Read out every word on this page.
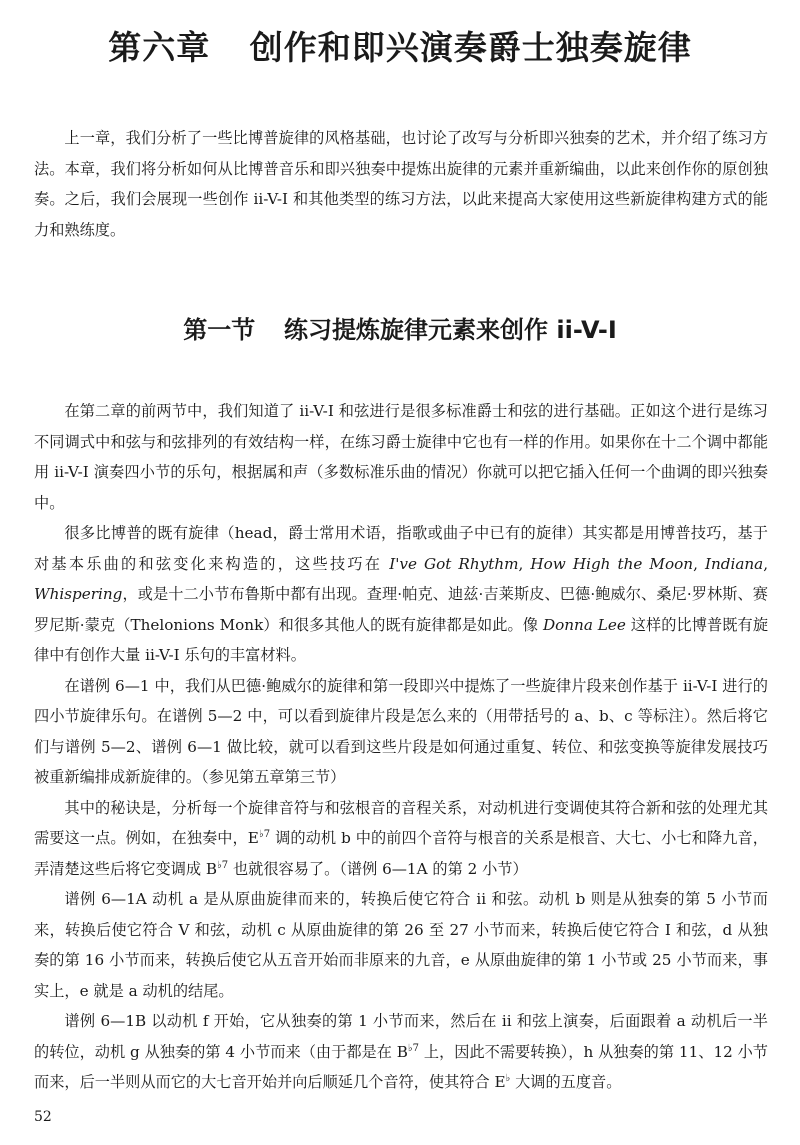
第六章 创作和即兴演奏爵士独奏旋律

上一章，我们分析了一些比博普旋律的风格基础，也讨论了改写与分析即兴独奏的艺术，并介绍了练习方法。本章，我们将分析如何从比博普音乐和即兴独奏中提炼出旋律的元素并重新编曲，以此来创作你的原创独奏。之后，我们会展现一些创作 ii-V-I 和其他类型的练习方法，以此来提高大家使用这些新旋律构建方式的能力和熟练度。

第一节 练习提炼旋律元素来创作 ii-V-I

在第二章的前两节中，我们知道了 ii-V-I 和弦进行是很多标准爵士和弦的进行基础。正如这个进行是练习不同调式中和弦与和弦排列的有效结构一样，在练习爵士旋律中它也有一样的作用。如果你在十二个调中都能用 ii-V-I 演奏四小节的乐句，根据属和声（多数标准乐曲的情况）你就可以把它插入任何一个曲调的即兴独奏中。

很多比博普的既有旋律（head，爵士常用术语，指歌或曲子中已有的旋律）其实都是用博普技巧，基于对基本乐曲的和弦变化来构造的，这些技巧在 I've Got Rhythm, How High the Moon, Indiana, Whispering，或是十二小节布鲁斯中都有出现。查理·帕克、迪兹·吉莱斯皮、巴德·鲍威尔、桑尼·罗林斯、赛罗尼斯·蒙克（Thelonions Monk）和很多其他人的既有旋律都是如此。像 Donna Lee 这样的比博普既有旋律中有创作大量 ii-V-I 乐句的丰富材料。

在谱例 6—1 中，我们从巴德·鲍威尔的旋律和第一段即兴中提炼了一些旋律片段来创作基于 ii-V-I 进行的四小节旋律乐句。在谱例 5—2 中，可以看到旋律片段是怎么来的（用带括号的 a、b、c 等标注）。然后将它们与谱例 5—2、谱例 6—1 做比较，就可以看到这些片段是如何通过重复、转位、和弦变换等旋律发展技巧被重新编排成新旋律的。（参见第五章第三节）

其中的秘诀是，分析每一个旋律音符与和弦根音的音程关系，对动机进行变调使其符合新和弦的处理尤其需要这一点。例如，在独奏中，$E^{♭7}$ 调的动机 b 中的前四个音符与根音的关系是根音、大七、小七和降九音，弄清楚这些后将它变调成 $B^{♭7}$ 也就很容易了。（谱例 6—1A 的第 2 小节）

谱例 6—1A 动机 a 是从原曲旋律而来的，转换后使它符合 ii 和弦。动机 b 则是从独奏的第 5 小节而来，转换后使它符合 V 和弦，动机 c 从原曲旋律的第 26 至 27 小节而来，转换后使它符合 I 和弦，d 从独奏的第 16 小节而来，转换后使它从五音开始而非原来的九音，e 从原曲旋律的第 1 小节或 25 小节而来，事实上，e 就是 a 动机的结尾。

谱例 6—1B 以动机 f 开始，它从独奏的第 1 小节而来，然后在 ii 和弦上演奏，后面跟着 a 动机后一半的转位，动机 g 从独奏的第 4 小节而来（由于都是在 $B^{♭7}$ 上，因此不需要转换），h 从独奏的第 11、12 小节而来，后一半则从而它的大七音开始并向后顺延几个音符，使其符合 E♭ 大调的五度音。

52
